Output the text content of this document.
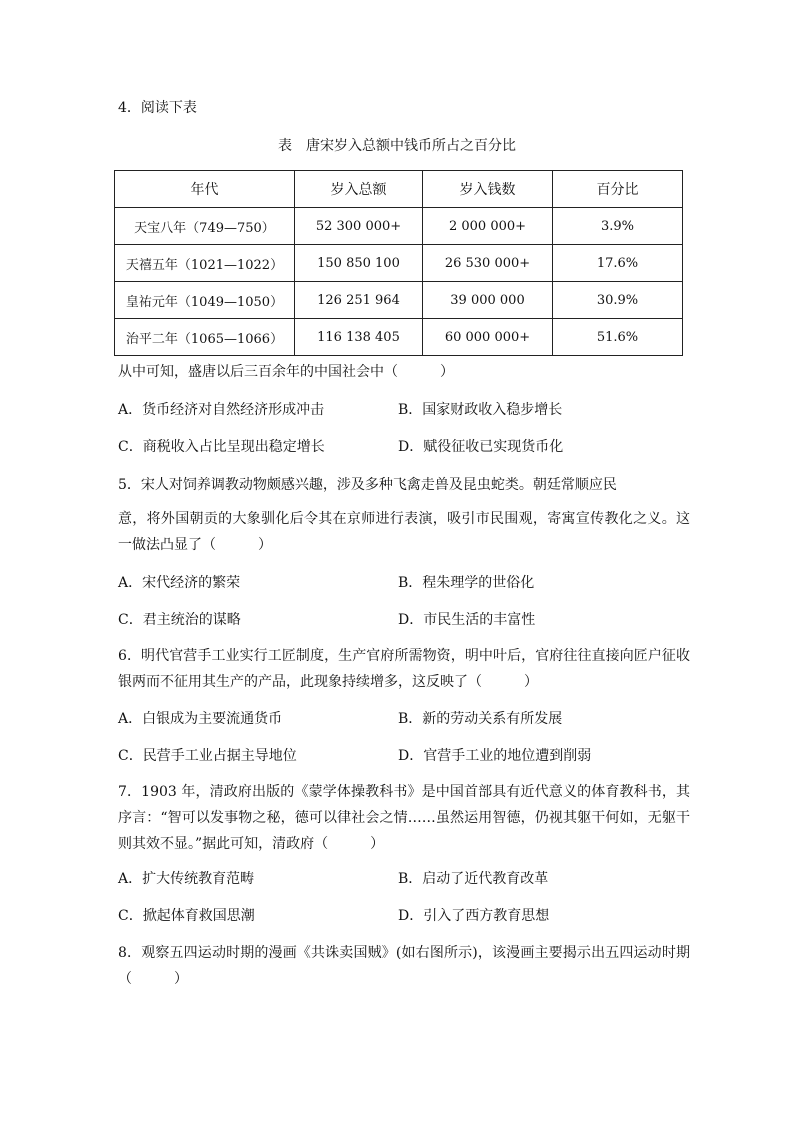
4．阅读下表
表　唐宋岁入总额中钱币所占之百分比
年代	岁入总额	岁入钱数	百分比
天宝八年（749—750）	52 300 000+	2 000 000+	3.9%
天禧五年（1021—1022）	150 850 100	26 530 000+	17.6%
皇祐元年（1049—1050）	126 251 964	39 000 000	30.9%
治平二年（1065—1066）	116 138 405	60 000 000+	51.6%
从中可知，盛唐以后三百余年的中国社会中（　　　）
A．货币经济对自然经济形成冲击	B．国家财政收入稳步增长
C．商税收入占比呈现出稳定增长	D．赋役征收已实现货币化
5．宋人对饲养调教动物颇感兴趣，涉及多种飞禽走兽及昆虫蛇类。朝廷常顺应民
意，将外国朝贡的大象驯化后令其在京师进行表演，吸引市民围观，寄寓宣传教化之义。这一做法凸显了（　　　）
A．宋代经济的繁荣	B．程朱理学的世俗化
C．君主统治的谋略	D．市民生活的丰富性
6．明代官营手工业实行工匠制度，生产官府所需物资，明中叶后，官府往往直接向匠户征收银两而不征用其生产的产品，此现象持续增多，这反映了（　　　）
A．白银成为主要流通货币	B．新的劳动关系有所发展
C．民营手工业占据主导地位	D．官营手工业的地位遭到削弱
7．1903 年，清政府出版的《蒙学体操教科书》是中国首部具有近代意义的体育教科书，其序言：“智可以发事物之秘，德可以律社会之情……虽然运用智德，仍视其躯干何如，无躯干则其效不显。”据此可知，清政府（　　　）
A．扩大传统教育范畴	B．启动了近代教育改革
C．掀起体育救国思潮	D．引入了西方教育思想
8．观察五四运动时期的漫画《共诛卖国贼》(如右图所示)，该漫画主要揭示出五四运动时期（　　　）
